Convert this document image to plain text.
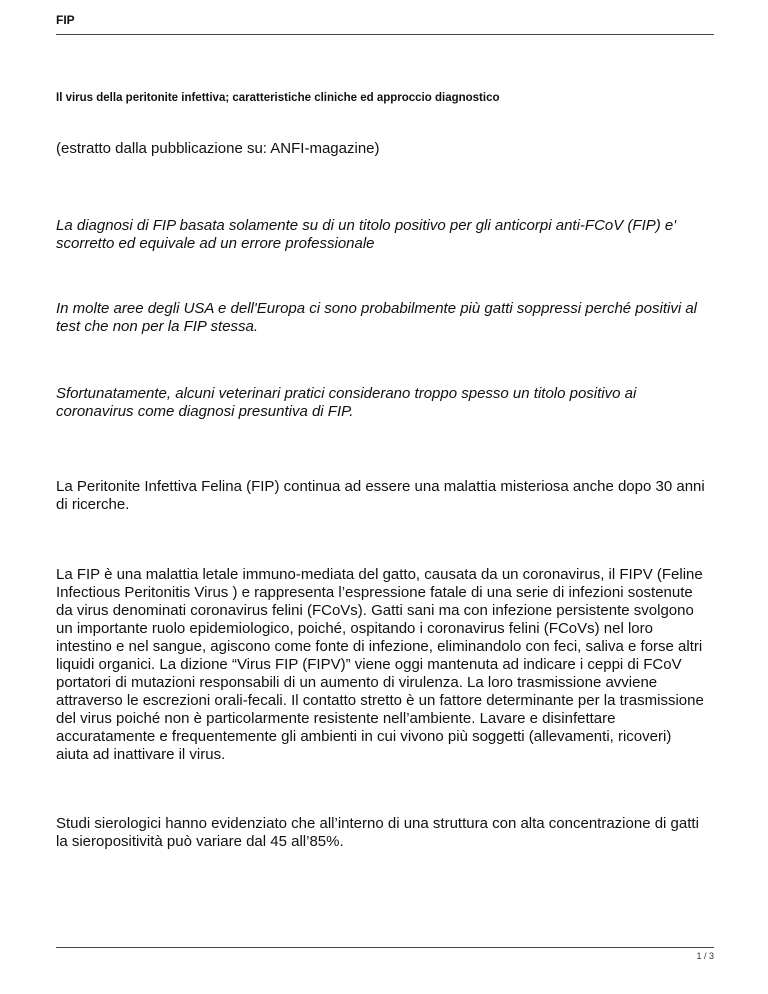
FIP
Il virus della peritonite infettiva; caratteristiche cliniche ed approccio diagnostico

(estratto dalla pubblicazione su: ANFI-magazine)

La diagnosi di FIP basata solamente su di un titolo positivo per gli anticorpi anti-FCoV (FIP) e' scorretto ed equivale ad un errore professionale

In molte aree degli USA e dell'Europa ci sono probabilmente più gatti soppressi perché positivi al test che non per la FIP stessa.

Sfortunatamente, alcuni veterinari pratici considerano troppo spesso un titolo positivo ai coronavirus come diagnosi presuntiva di FIP.

La Peritonite Infettiva Felina (FIP) continua ad essere una malattia misteriosa anche dopo 30 anni di ricerche.

La FIP è una malattia letale immuno-mediata del gatto, causata da un coronavirus, il FIPV (Feline Infectious Peritonitis Virus ) e rappresenta l’espressione fatale di una serie di infezioni sostenute da virus denominati coronavirus felini (FCoVs). Gatti sani ma con infezione persistente svolgono un importante ruolo epidemiologico, poiché, ospitando i coronavirus felini (FCoVs) nel loro intestino e nel sangue, agiscono come fonte di infezione, eliminandolo con feci, saliva e forse altri liquidi organici. La dizione “Virus FIP (FIPV)” viene oggi mantenuta ad indicare i ceppi di FCoV portatori di mutazioni responsabili di un aumento di virulenza. La loro trasmissione avviene attraverso le escrezioni orali-fecali. Il contatto stretto è un fattore determinante per la trasmissione del virus poiché non è particolarmente resistente nell’ambiente. Lavare e disinfettare accuratamente e frequentemente gli ambienti in cui vivono più soggetti (allevamenti, ricoveri) aiuta ad inattivare il virus.

Studi sierologici hanno evidenziato che all’interno di una struttura con alta concentrazione di gatti la sieropositività può variare dal 45 all’85%.

1 / 3
